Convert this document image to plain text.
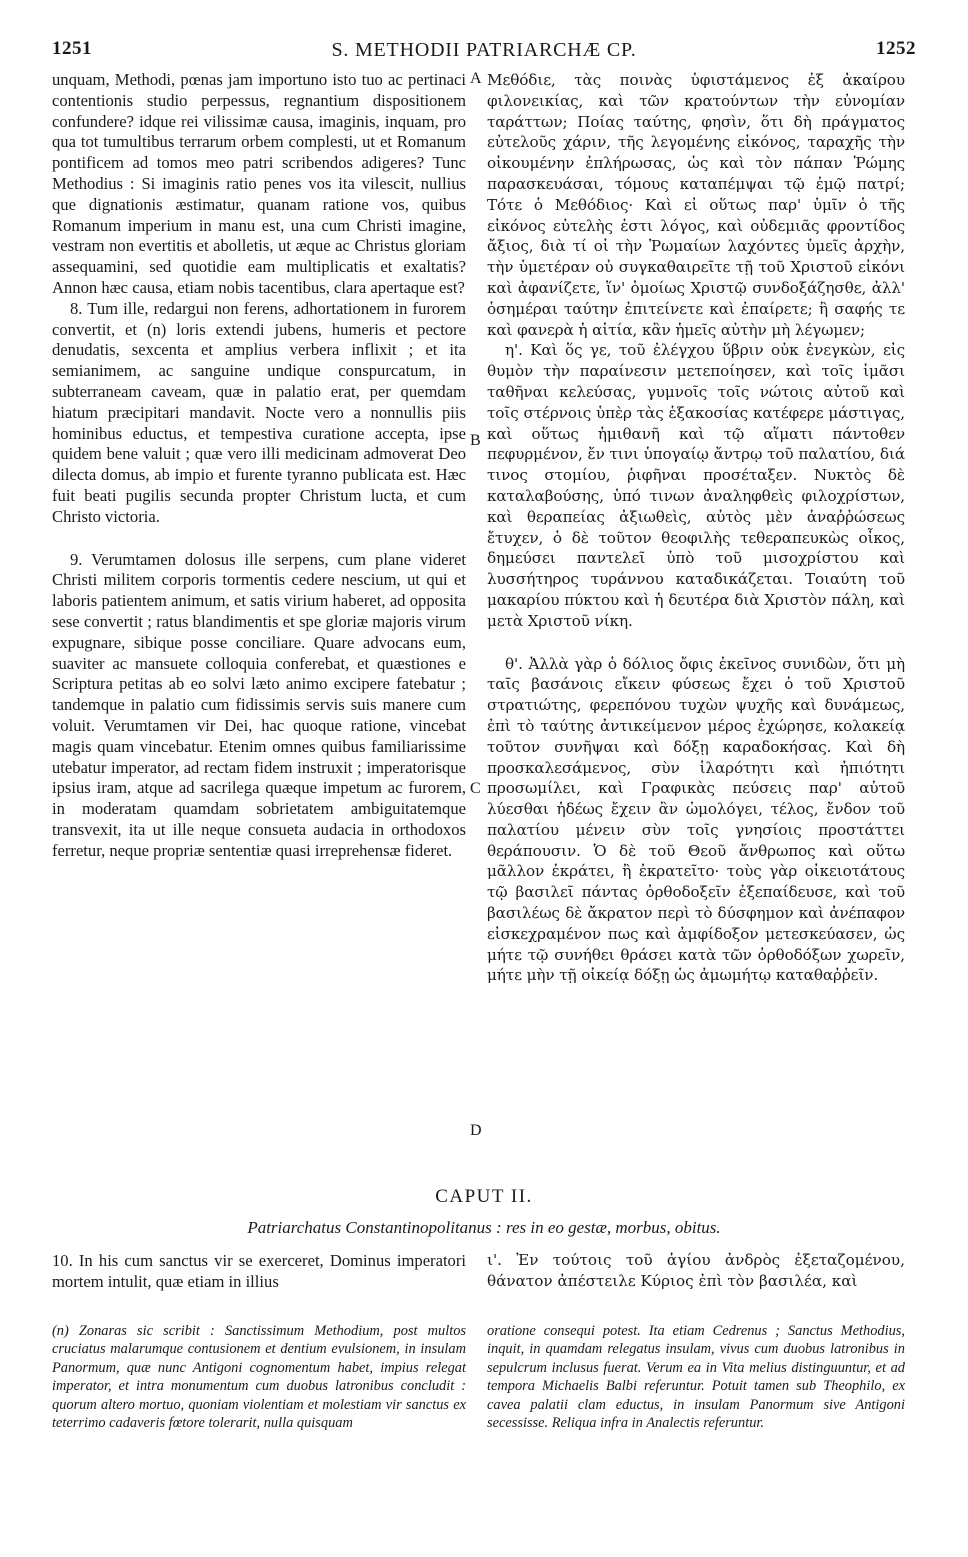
1251	S. METHODII PATRIARCHÆ CP.	1252

unquam, Methodi, pœnas jam importuno isto tuo ac pertinaci contentionis studio perpessus, regnantium dispositionem confundere? idque rei vilissimæ causa, imaginis, inquam, pro qua tot tumultibus terrarum orbem complesti, ut et Romanum pontificem ad tomos meo patri scribendos adigeres? Tunc Methodius : Si imaginis ratio penes vos ita vilescit, nullius que dignationis æstimatur, quanam ratione vos, quibus Romanum imperium in manu est, una cum Christi imagine, vestram non evertitis et abolletis, ut æque ac Christus gloriam assequamini, sed quotidie eam multiplicatis et exaltatis? Annon hæc causa, etiam nobis tacentibus, clara apertaque est?

8. Tum ille, redargui non ferens, adhortationem in furorem convertit, et (n) loris extendi jubens, humeris et pectore denudatis, sexcenta et amplius verbera inflixit ; et ita semianimem, ac sanguine undique conspurcatum, in subterraneam caveam, quæ in palatio erat, per quemdam hiatum præcipitari mandavit. Nocte vero a nonnullis piis hominibus eductus, et tempestiva curatione accepta, ipse quidem bene valuit ; quæ vero illi medicinam admoverat Deo dilecta domus, ab impio et furente tyranno publicata est. Hæc fuit beati pugilis secunda propter Christum lucta, et cum Christo victoria.

9. Verumtamen dolosus ille serpens, cum plane videret Christi militem corporis tormentis cedere nescium, ut qui et laboris patientem animum, et satis virium haberet, ad opposita sese convertit ; ratus blandimentis et spe gloriæ majoris virum expugnare, sibique posse conciliare. Quare advocans eum, suaviter ac mansuete colloquia conferebat, et quæstiones e Scriptura petitas ab eo solvi læto animo excipere fatebatur ; tandemque in palatio cum fidissimis servis suis manere cum voluit. Verumtamen vir Dei, hac quoque ratione, vincebat magis quam vincebatur. Etenim omnes quibus familiarissime utebatur imperator, ad rectam fidem instruxit ; imperatorisque ipsius iram, atque ad sacrilega quæque impetum ac furorem, in moderatam quamdam sobrietatem ambiguitatemque transvexit, ita ut ille neque consueta audacia in orthodoxos ferretur, neque propriæ sententiæ quasi irreprehensæ fideret.

Μεθόδιε, τὰς ποινὰς ὑφιστάμενος ἐξ ἀκαίρου φιλονεικίας, καὶ τῶν κρατούντων τὴν εὐνομίαν ταράττων; Ποίας ταύτης, φησὶν, ὅτι δὴ πράγματος εὐτελοῦς χάριν, τῆς λεγομένης εἰκόνος, ταραχῆς τὴν οἰκουμένην ἐπλήρωσας, ὡς καὶ τὸν πάπαν Ῥώμης παρασκευάσαι, τόμους καταπέμψαι τῷ ἐμῷ πατρί; Τότε ὁ Μεθόδιος· Καὶ εἰ οὕτως παρ' ὑμῖν ὁ τῆς εἰκόνος εὐτελὴς ἐστι λόγος, καὶ οὐδεμιᾶς φροντίδος ἄξιος, διὰ τί οἱ τὴν Ῥωμαίων λαχόντες ὑμεῖς ἀρχὴν, τὴν ὑμετέραν οὐ συγκαθαιρεῖτε τῇ τοῦ Χριστοῦ εἰκόνι καὶ ἀφανίζετε, ἵν' ὁμοίως Χριστῷ συνδοξάζησθε, ἀλλ' ὁσημέραι ταύτην ἐπιτείνετε καὶ ἐπαίρετε; ἢ σαφής τε καὶ φανερὰ ἡ αἰτία, κἂν ἡμεῖς αὐτὴν μὴ λέγωμεν;

η'. Καὶ ὅς γε, τοῦ ἐλέγχου ὕβριν οὐκ ἐνεγκὼν, εἰς θυμὸν τὴν παραίνεσιν μετεποίησεν, καὶ τοῖς ἱμᾶσι ταθῆναι κελεύσας, γυμνοῖς τοῖς νώτοις αὐτοῦ καὶ τοῖς στέρνοις ὑπὲρ τὰς ἑξακοσίας κατέφερε μάστιγας, καὶ οὕτως ἡμιθανῆ καὶ τῷ αἵματι πάντοθεν πεφυρμένον, ἔν τινι ὑπογαίῳ ἄντρῳ τοῦ παλατίου, διά τινος στομίου, ῥιφῆναι προσέταξεν. Νυκτὸς δὲ καταλαβούσης, ὑπό τινων ἀναληφθεὶς φιλοχρίστων, καὶ θεραπείας ἀξιωθεὶς, αὐτὸς μὲν ἀναῤῥώσεως ἔτυχεν, ὁ δὲ τοῦτον θεοφιλὴς τεθεραπευκὼς οἶκος, δημεύσει παντελεῖ ὑπὸ τοῦ μισοχρίστου καὶ λυσσήτηρος τυράννου καταδικάζεται. Τοιαύτη τοῦ μακαρίου πύκτου καὶ ἡ δευτέρα διὰ Χριστὸν πάλη, καὶ μετὰ Χριστοῦ νίκη.

θ'. Ἀλλὰ γὰρ ὁ δόλιος ὄφις ἐκεῖνος συνιδὼν, ὅτι μὴ ταῖς βασάνοις εἴκειν φύσεως ἔχει ὁ τοῦ Χριστοῦ στρατιώτης, φερεπόνου τυχὼν ψυχῆς καὶ δυνάμεως, ἐπὶ τὸ ταύτης ἀντικείμενον μέρος ἐχώρησε, κολακείᾳ τοῦτον συνῆψαι καὶ δόξῃ καραδοκήσας. Καὶ δὴ προσκαλεσάμενος, σὺν ἱλαρότητι καὶ ἠπιότητι προσωμίλει, καὶ Γραφικὰς πεύσεις παρ' αὐτοῦ λύεσθαι ἡδέως ἔχειν ἂν ὡμολόγει, τέλος, ἔνδον τοῦ παλατίου μένειν σὺν τοῖς γνησίοις προστάττει θεράπουσιν. Ὁ δὲ τοῦ Θεοῦ ἄνθρωπος καὶ οὕτω μᾶλλον ἐκράτει, ἢ ἐκρατεῖτο· τοὺς γὰρ οἰκειοτάτους τῷ βασιλεῖ πάντας ὀρθοδοξεῖν ἐξεπαίδευσε, καὶ τοῦ βασιλέως δὲ ἄκρατον περὶ τὸ δύσφημον καὶ ἀνέπαφον εἰσκεχραμένον πως καὶ ἀμφίδοξον μετεσκεύασεν, ὡς μήτε τῷ συνήθει θράσει κατὰ τῶν ὀρθοδόξων χωρεῖν, μήτε μὴν τῇ οἰκείᾳ δόξῃ ὡς ἀμωμήτῳ καταθαῤῥεῖν.

A
B
C
D
CAPUT II.
Patriarchatus Constantinopolitanus : res in eo gestæ, morbus, obitus.
10. In his cum sanctus vir se exerceret, Dominus imperatori mortem intulit, quæ etiam in illius
ι'. Ἐν τούτοις τοῦ ἁγίου ἀνδρὸς ἐξεταζομένου, θάνατον ἀπέστειλε Κύριος ἐπὶ τὸν βασιλέα, καὶ
(n) Zonaras sic scribit : Sanctissimum Methodium, post multos cruciatus malarumque contusionem et dentium evulsionem, in insulam Panormum, quæ nunc Antigoni cognomentum habet, impius relegat imperator, et intra monumentum cum duobus latronibus concludit : quorum altero mortuo, quoniam violentiam et molestiam vir sanctus ex teterrimo cadaveris fœtore tolerarit, nulla quisquam
oratione consequi potest. Ita etiam Cedrenus ; Sanctus Methodius, inquit, in quamdam relegatus insulam, vivus cum duobus latronibus in sepulcrum inclusus fuerat. Verum ea in Vita melius distinguuntur, et ad tempora Michaelis Balbi referuntur. Potuit tamen sub Theophilo, ex cavea palatii clam eductus, in insulam Panormum sive Antigoni secessisse. Reliqua infra in Analectis referuntur.
